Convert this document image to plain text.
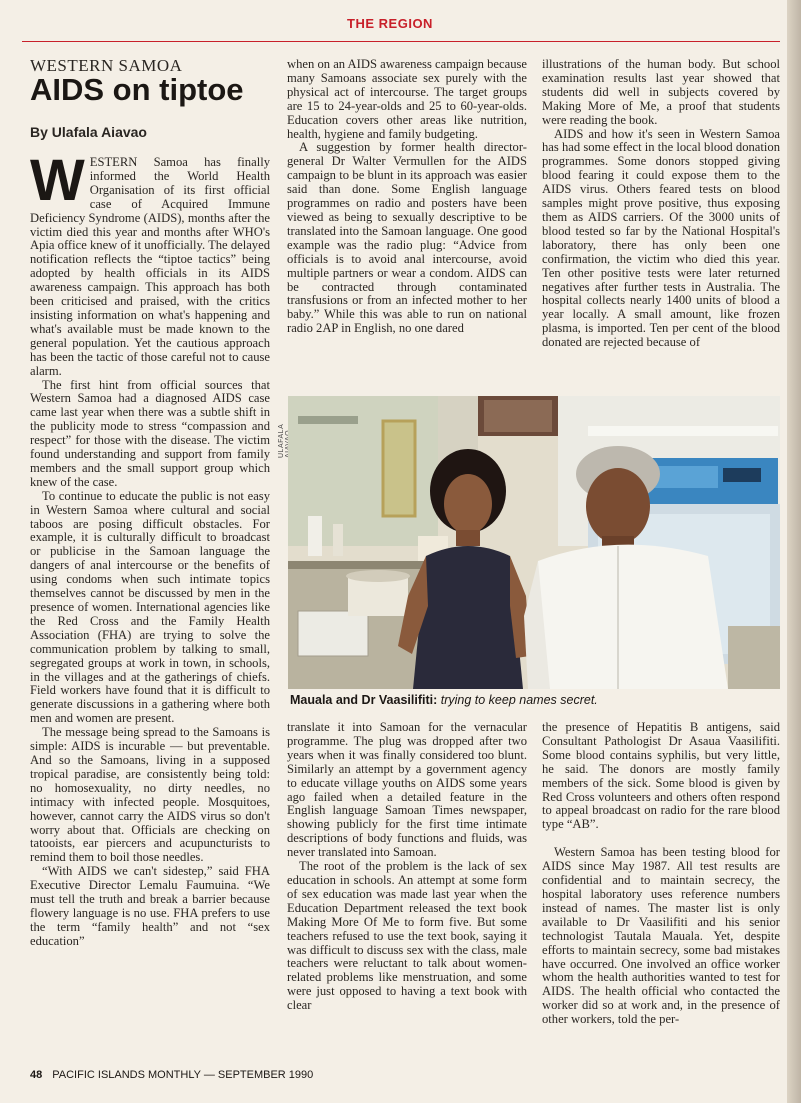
THE REGION
WESTERN SAMOA
AIDS on tiptoe
By Ulafala Aiavao

WESTERN Samoa has finally informed the World Health Organisation of its first official case of Acquired Immune Deficiency Syndrome (AIDS), months after the victim died this year and months after WHO's Apia office knew of it unofficially. The delayed notification reflects the “tiptoe tactics” being adopted by health officials in its AIDS awareness campaign. This approach has both been criticised and praised, with the critics insisting information on what's happening and what's available must be made known to the general population. Yet the cautious approach has been the tactic of those careful not to cause alarm.

The first hint from official sources that Western Samoa had a diagnosed AIDS case came last year when there was a subtle shift in the publicity mode to stress “compassion and respect” for those with the disease. The victim found understanding and support from family members and the small support group which knew of the case.

To continue to educate the public is not easy in Western Samoa where cultural and social taboos are posing difficult obstacles. For example, it is culturally difficult to broadcast or publicise in the Samoan language the dangers of anal intercourse or the benefits of using condoms when such intimate topics themselves cannot be discussed by men in the presence of women. International agencies like the Red Cross and the Family Health Association (FHA) are trying to solve the communication problem by talking to small, segregated groups at work in town, in schools, in the villages and at the gatherings of chiefs. Field workers have found that it is difficult to generate discussions in a gathering where both men and women are present.

The message being spread to the Samoans is simple: AIDS is incurable — but preventable. And so the Samoans, living in a supposed tropical paradise, are consistently being told: no homosexuality, no dirty needles, no intimacy with infected people. Mosquitoes, however, cannot carry the AIDS virus so don't worry about that. Officials are checking on tatooists, ear piercers and acupuncturists to remind them to boil those needles.

“With AIDS we can't sidestep,” said FHA Executive Director Lemalu Faumuina. “We must tell the truth and break a barrier because flowery language is no use. FHA prefers to use the term “family health” and not “sex education”

when on an AIDS awareness campaign because many Samoans associate sex purely with the physical act of intercourse. The target groups are 15 to 24-year-olds and 25 to 60-year-olds. Education covers other areas like nutrition, health, hygiene and family budgeting.

A suggestion by former health director-general Dr Walter Vermullen for the AIDS campaign to be blunt in its approach was easier said than done. Some English language programmes on radio and posters have been viewed as being to sexually descriptive to be translated into the Samoan language. One good example was the radio plug: “Advice from officials is to avoid anal intercourse, avoid multiple partners or wear a condom. AIDS can be contracted through contaminated transfusions or from an infected mother to her baby.” While this was able to run on national radio 2AP in English, no one dared

illustrations of the human body. But school examination results last year showed that students did well in subjects covered by Making More of Me, a proof that students were reading the book.

AIDS and how it's seen in Western Samoa has had some effect in the local blood donation programmes. Some donors stopped giving blood fearing it could expose them to the AIDS virus. Others feared tests on blood samples might prove positive, thus exposing them as AIDS carriers. Of the 3000 units of blood tested so far by the National Hospital's laboratory, there has only been one confirmation, the victim who died this year. Ten other positive tests were later returned negatives after further tests in Australia. The hospital collects nearly 1400 units of blood a year locally. A small amount, like frozen plasma, is imported. Ten per cent of the blood donated are rejected because of

ULAFALA
Mauala and Dr Vaasilifiti: trying to keep names secret.

translate it into Samoan for the vernacular programme. The plug was dropped after two years when it was finally considered too blunt. Similarly an attempt by a government agency to educate village youths on AIDS some years ago failed when a detailed feature in the English language Samoan Times newspaper, showing publicly for the first time intimate descriptions of body functions and fluids, was never translated into Samoan.

The root of the problem is the lack of sex education in schools. An attempt at some form of sex education was made last year when the Education Department released the text book Making More Of Me to form five. But some teachers refused to use the text book, saying it was difficult to discuss sex with the class, male teachers were reluctant to talk about women-related problems like menstruation, and some were just opposed to having a text book with clear

the presence of Hepatitis B antigens, said Consultant Pathologist Dr Asaua Vaasilifiti. Some blood contains syphilis, but very little, he said. The donors are mostly family members of the sick. Some blood is given by Red Cross volunteers and others often respond to appeal broadcast on radio for the rare blood type “AB”.

Western Samoa has been testing blood for AIDS since May 1987. All test results are confidential and to maintain secrecy, the hospital laboratory uses reference numbers instead of names. The master list is only available to Dr Vaasilifiti and his senior technologist Tautala Mauala. Yet, despite efforts to maintain secrecy, some bad mistakes have occurred. One involved an office worker whom the health authorities wanted to test for AIDS. The health official who contacted the worker did so at work and, in the presence of other workers, told the per-

48 PACIFIC ISLANDS MONTHLY — SEPTEMBER 1990
